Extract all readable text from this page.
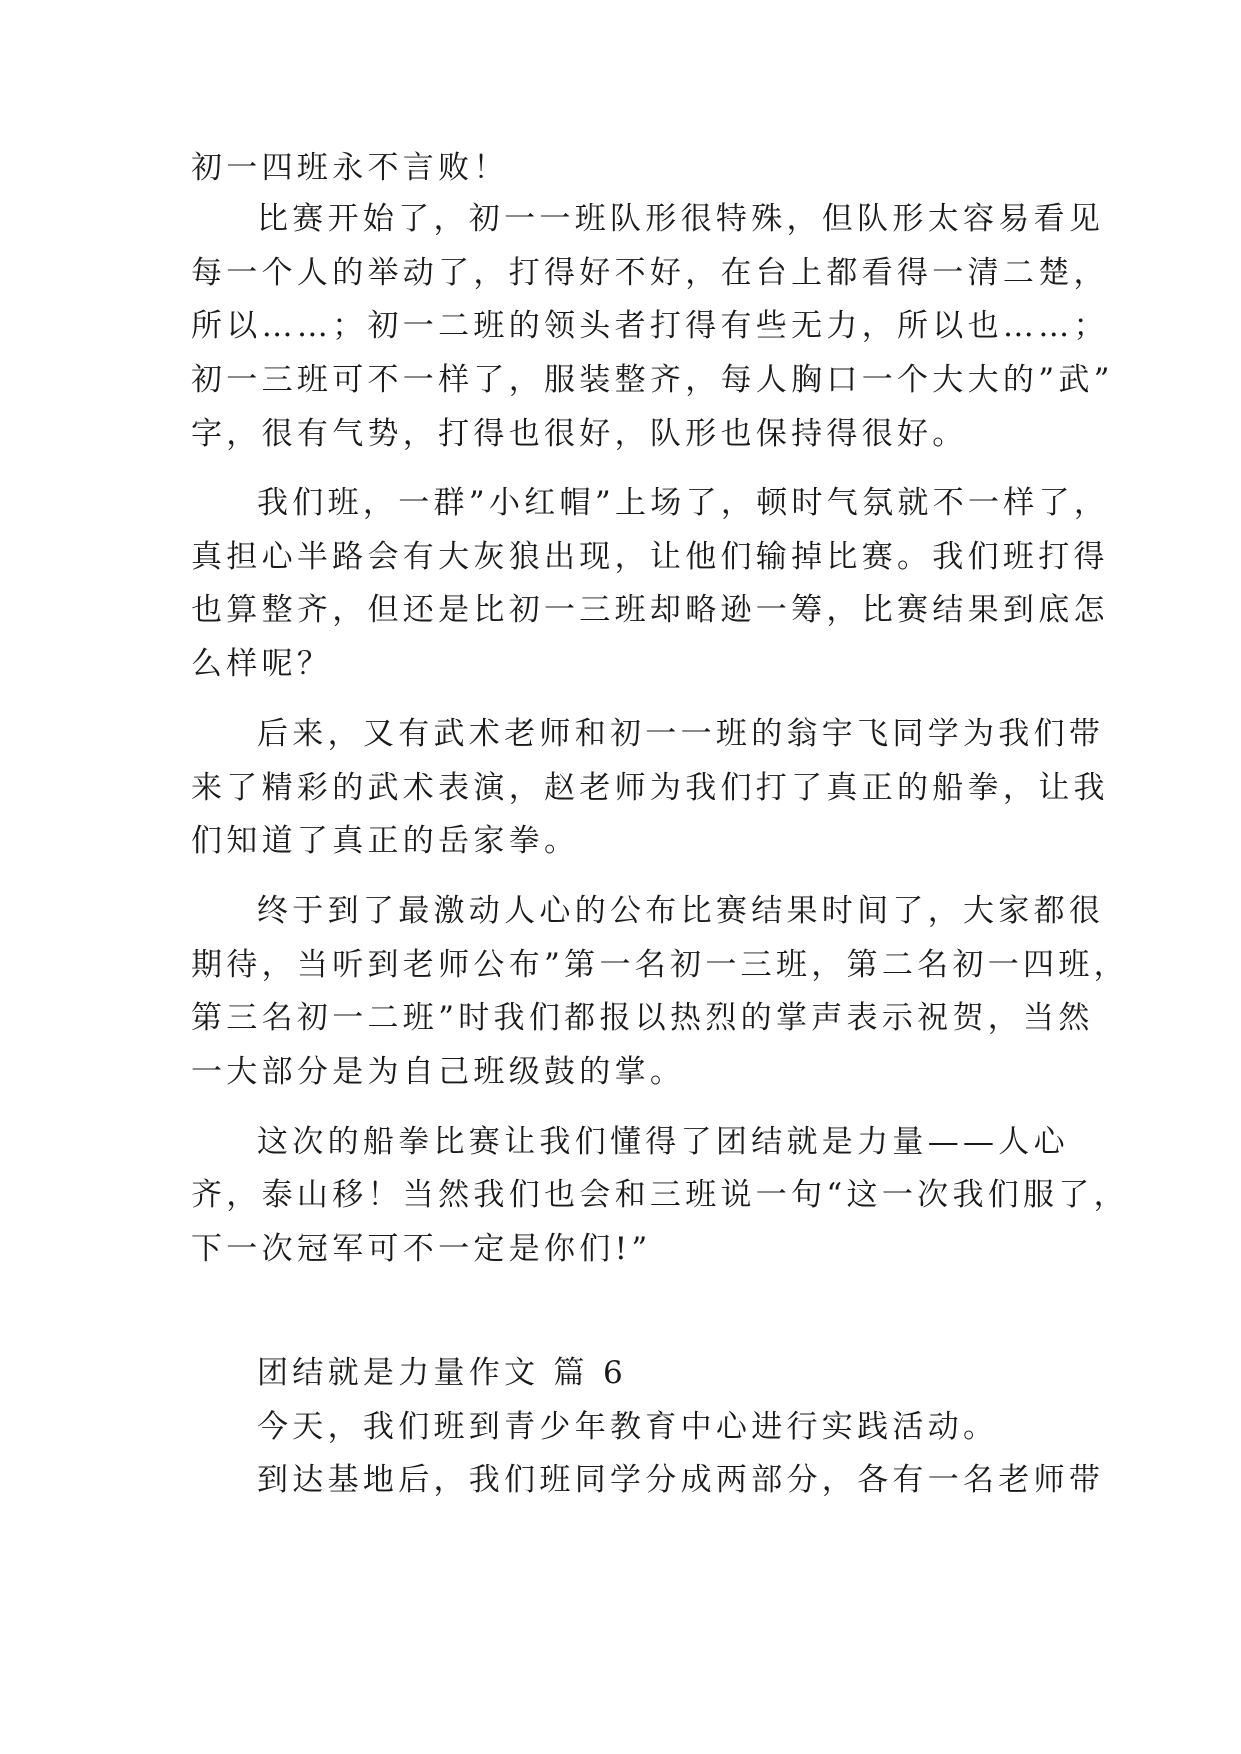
初一四班永不言败！
比赛开始了，初一一班队形很特殊，但队形太容易看见
每一个人的举动了，打得好不好，在台上都看得一清二楚，
所以……；初一二班的领头者打得有些无力，所以也……；
初一三班可不一样了，服装整齐，每人胸口一个大大的”武”
字，很有气势，打得也很好，队形也保持得很好。
我们班，一群”小红帽”上场了，顿时气氛就不一样了，
真担心半路会有大灰狼出现，让他们输掉比赛。我们班打得
也算整齐，但还是比初一三班却略逊一筹，比赛结果到底怎
么样呢？
后来，又有武术老师和初一一班的翁宇飞同学为我们带
来了精彩的武术表演，赵老师为我们打了真正的船拳，让我
们知道了真正的岳家拳。
终于到了最激动人心的公布比赛结果时间了，大家都很
期待，当听到老师公布”第一名初一三班，第二名初一四班，
第三名初一二班”时我们都报以热烈的掌声表示祝贺，当然
一大部分是为自己班级鼓的掌。
这次的船拳比赛让我们懂得了团结就是力量——人心
齐，泰山移！当然我们也会和三班说一句“这一次我们服了，
下一次冠军可不一定是你们!”
团结就是力量作文 篇 6
今天，我们班到青少年教育中心进行实践活动。
到达基地后，我们班同学分成两部分，各有一名老师带
